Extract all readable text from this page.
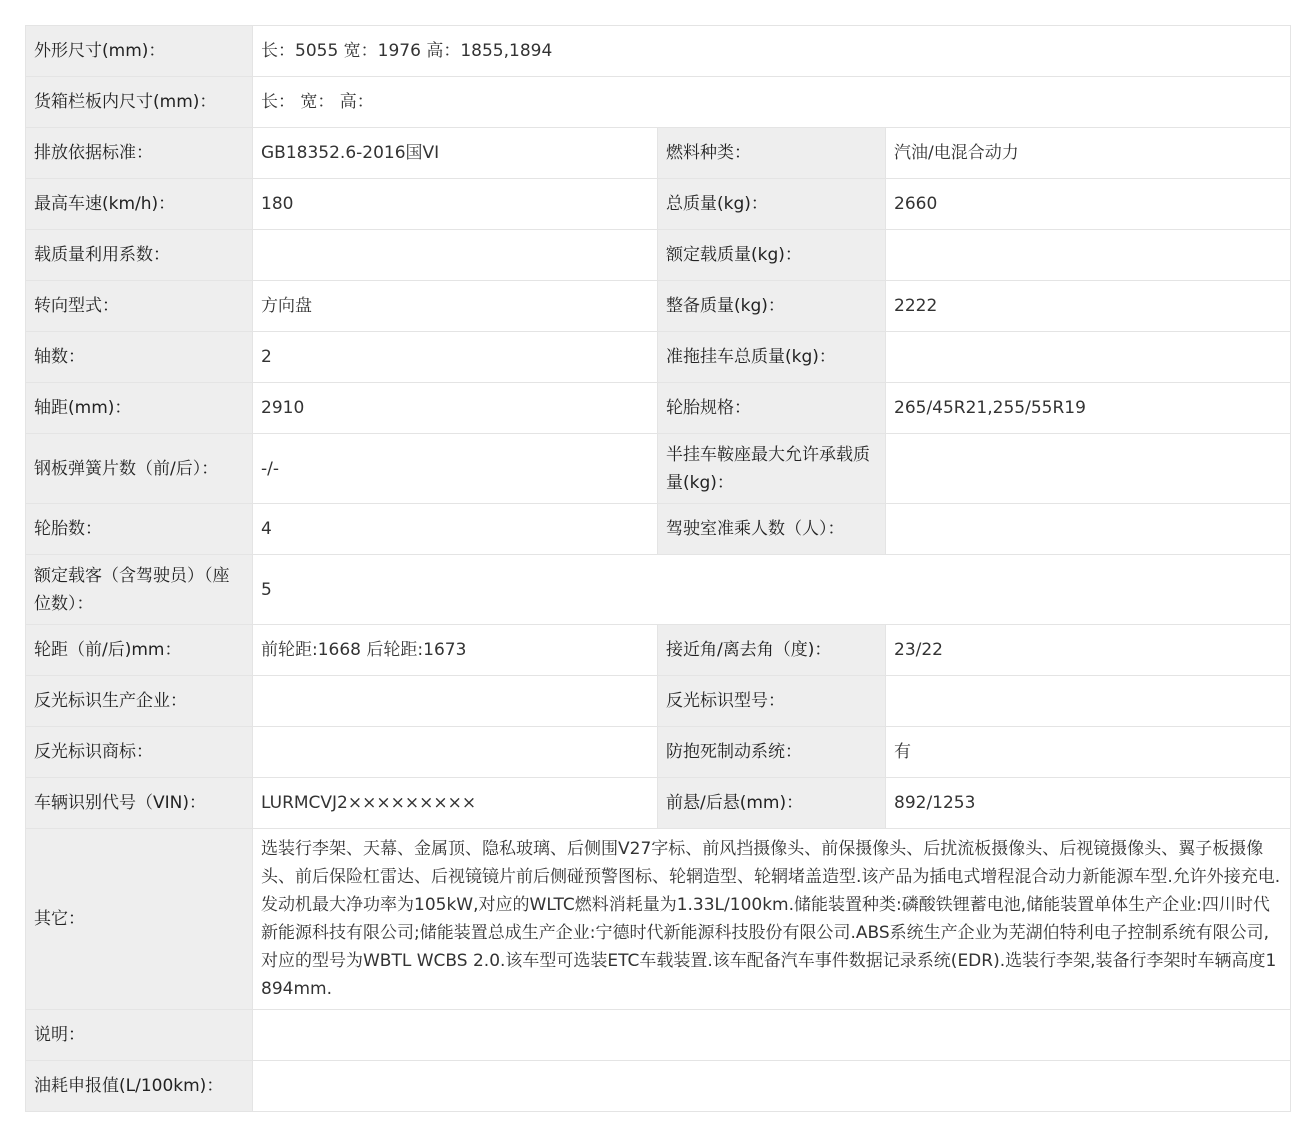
外形尺寸(mm)：	长：5055 宽：1976 高：1855,1894		
货箱栏板内尺寸(mm)：	长： 宽： 高：		
排放依据标准：	GB18352.6-2016国VI	燃料种类：	汽油/电混合动力
最高车速(km/h)：	180	总质量(kg)：	2660
载质量利用系数：		额定载质量(kg)：	
转向型式：	方向盘	整备质量(kg)：	2222
轴数：	2	准拖挂车总质量(kg)：	
轴距(mm)：	2910	轮胎规格：	265/45R21,255/55R19
钢板弹簧片数（前/后）：	-/-	半挂车鞍座最大允许承载质量(kg)：	
轮胎数：	4	驾驶室准乘人数（人）：	
额定载客（含驾驶员）（座位数）：	5		
轮距（前/后)mm：	前轮距:1668 后轮距:1673	接近角/离去角（度)：	23/22
反光标识生产企业：		反光标识型号：	
反光标识商标：		防抱死制动系统：	有
车辆识别代号（VIN)：	LURMCVJ2×××××××××	前悬/后悬(mm)：	892/1253
其它：	选装行李架、天幕、金属顶、隐私玻璃、后侧围V27字标、前风挡摄像头、前保摄像头、后扰流板摄像头、后视镜摄像头、翼子板摄像头、前后保险杠雷达、后视镜镜片前后侧碰预警图标、轮辋造型、轮辋堵盖造型.该产品为插电式增程混合动力新能源车型.允许外接充电.发动机最大净功率为105kW,对应的WLTC燃料消耗量为1.33L/100km.储能装置种类:磷酸铁锂蓄电池,储能装置单体生产企业:四川时代新能源科技有限公司;储能装置总成生产企业:宁德时代新能源科技股份有限公司.ABS系统生产企业为芜湖伯特利电子控制系统有限公司,对应的型号为WBTL WCBS 2.0.该车型可选装ETC车载装置.该车配备汽车事件数据记录系统(EDR).选装行李架,装备行李架时车辆高度1894mm.		
说明：			
油耗申报值(L/100km)：			
